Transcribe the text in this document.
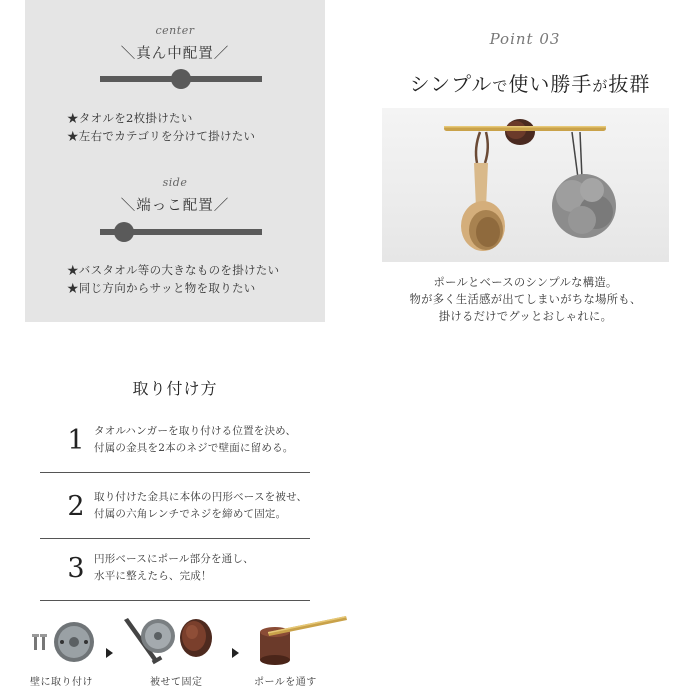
center
＼真ん中配置／
★タオルを2枚掛けたい
★左右でカテゴリを分けて掛けたい
side
＼端っこ配置／
★バスタオル等の大きなものを掛けたい
★同じ方向からサッと物を取りたい
Point 03
シンプルで使い勝手が抜群
ポールとベースのシンプルな構造。
物が多く生活感が出てしまいがちな場所も、
掛けるだけでグッとおしゃれに。
取り付け方
1 タオルハンガーを取り付ける位置を決め、
付属の金具を2本のネジで壁面に留める。
2 取り付けた金具に本体の円形ベースを被せ、
付属の六角レンチでネジを締めて固定。
3 円形ベースにポール部分を通し、
水平に整えたら、完成！
壁に取り付け	被せて固定	ポールを通す
